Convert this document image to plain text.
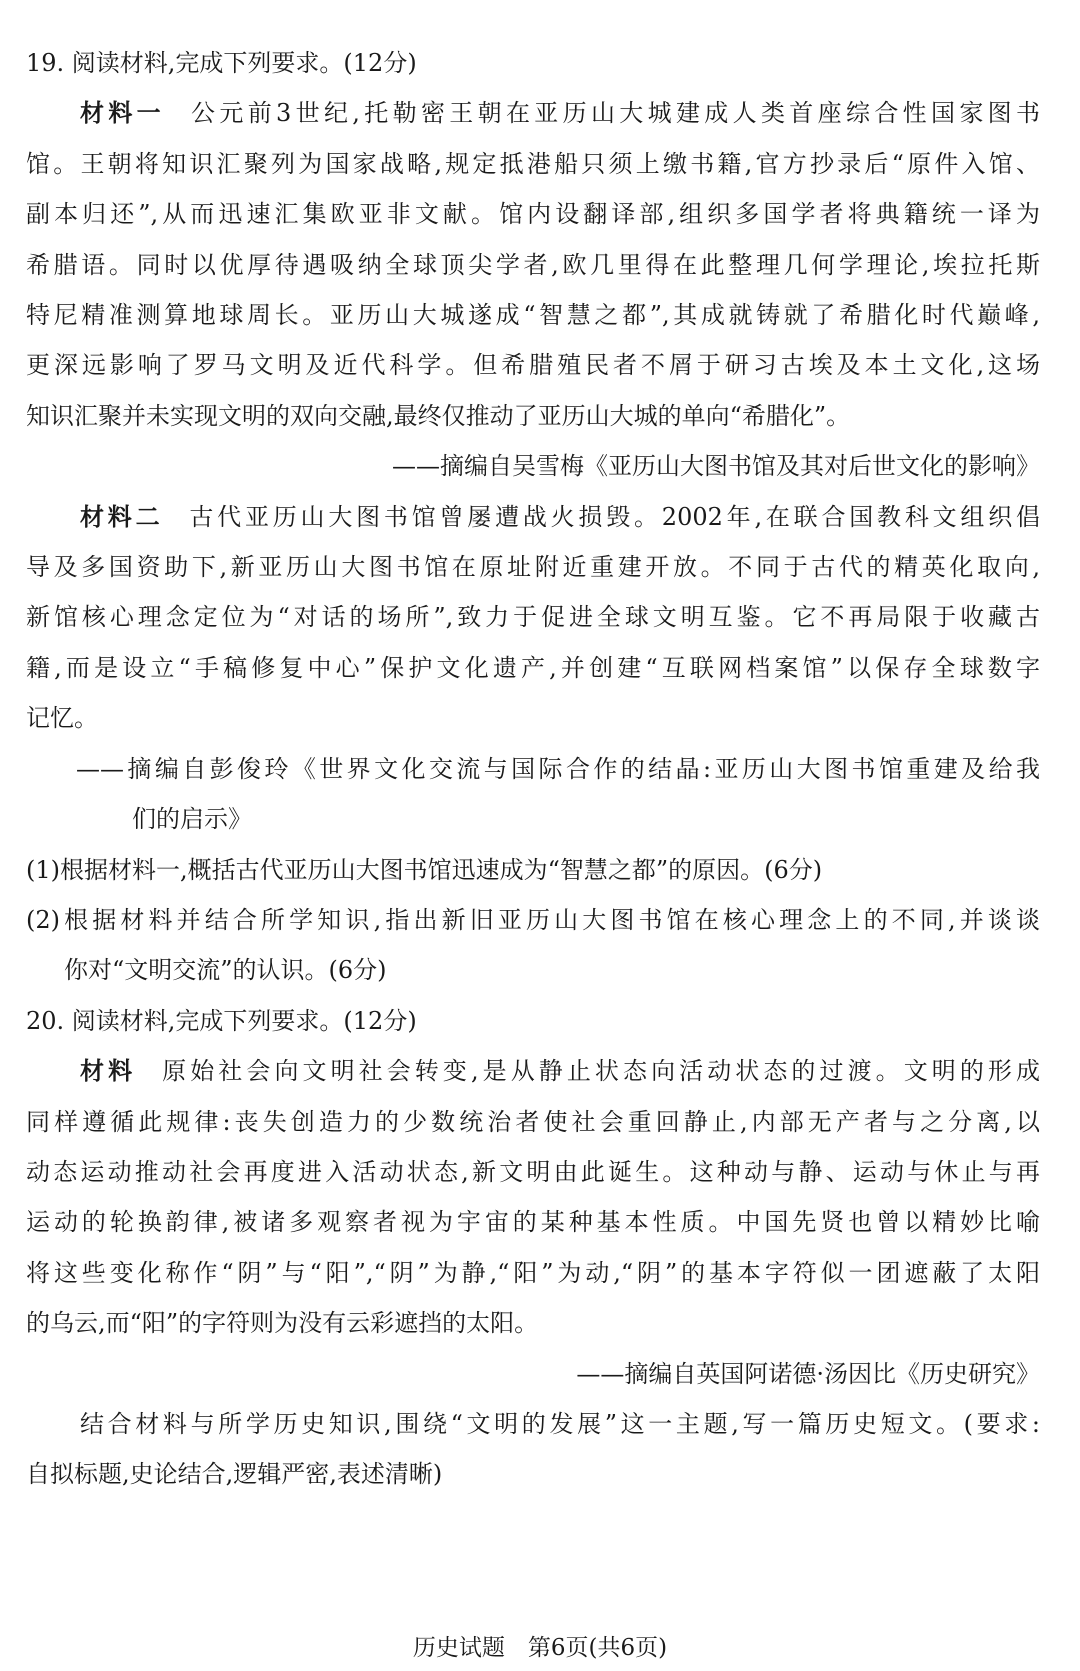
19. 阅读材料,完成下列要求。(12分)
材料一 公元前3世纪,托勒密王朝在亚历山大城建成人类首座综合性国家图书
馆。王朝将知识汇聚列为国家战略,规定抵港船只须上缴书籍,官方抄录后“原件入馆、
副本归还”,从而迅速汇集欧亚非文献。馆内设翻译部,组织多国学者将典籍统一译为
希腊语。同时以优厚待遇吸纳全球顶尖学者,欧几里得在此整理几何学理论,埃拉托斯
特尼精准测算地球周长。亚历山大城遂成“智慧之都”,其成就铸就了希腊化时代巅峰,
更深远影响了罗马文明及近代科学。但希腊殖民者不屑于研习古埃及本土文化,这场
知识汇聚并未实现文明的双向交融,最终仅推动了亚历山大城的单向“希腊化”。
——摘编自吴雪梅《亚历山大图书馆及其对后世文化的影响》
材料二 古代亚历山大图书馆曾屡遭战火损毁。2002年,在联合国教科文组织倡
导及多国资助下,新亚历山大图书馆在原址附近重建开放。不同于古代的精英化取向,
新馆核心理念定位为“对话的场所”,致力于促进全球文明互鉴。它不再局限于收藏古
籍,而是设立“手稿修复中心”保护文化遗产,并创建“互联网档案馆”以保存全球数字
记忆。
——摘编自彭俊玲《世界文化交流与国际合作的结晶:亚历山大图书馆重建及给我
们的启示》
(1)根据材料一,概括古代亚历山大图书馆迅速成为“智慧之都”的原因。(6分)
(2)根据材料并结合所学知识,指出新旧亚历山大图书馆在核心理念上的不同,并谈谈
你对“文明交流”的认识。(6分)
20. 阅读材料,完成下列要求。(12分)
材料 原始社会向文明社会转变,是从静止状态向活动状态的过渡。文明的形成
同样遵循此规律:丧失创造力的少数统治者使社会重回静止,内部无产者与之分离,以
动态运动推动社会再度进入活动状态,新文明由此诞生。这种动与静、运动与休止与再
运动的轮换韵律,被诸多观察者视为宇宙的某种基本性质。中国先贤也曾以精妙比喻
将这些变化称作“阴”与“阳”,“阴”为静,“阳”为动,“阴”的基本字符似一团遮蔽了太阳
的乌云,而“阳”的字符则为没有云彩遮挡的太阳。
——摘编自英国阿诺德·汤因比《历史研究》
结合材料与所学历史知识,围绕“文明的发展”这一主题,写一篇历史短文。(要求:
自拟标题,史论结合,逻辑严密,表述清晰)
历史试题　第6页(共6页)
